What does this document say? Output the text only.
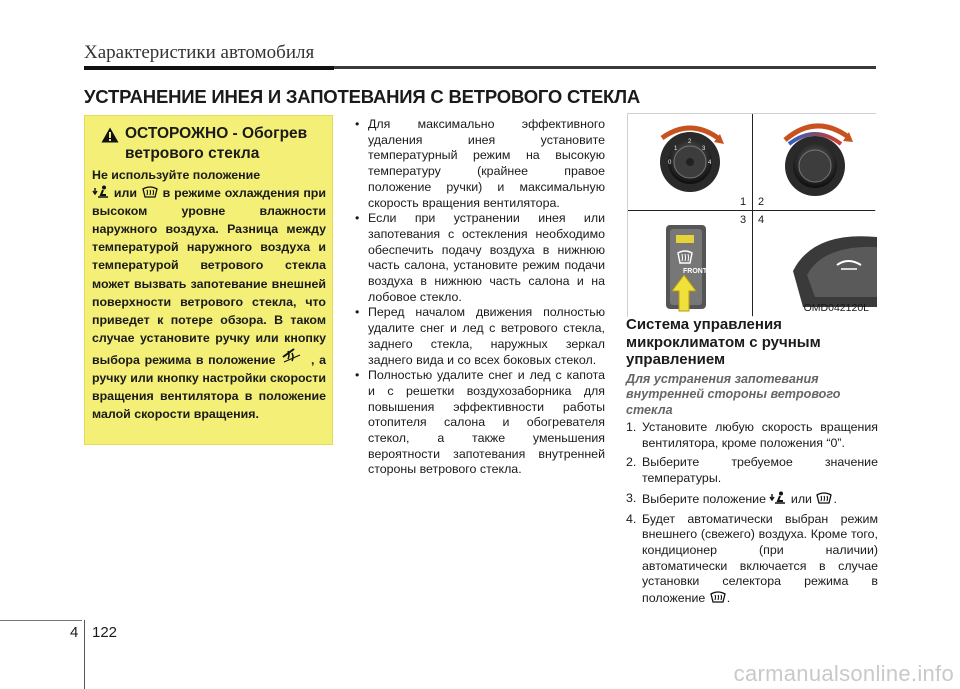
Характеристики автомобиля
УСТРАНЕНИЕ ИНЕЯ И ЗАПОТЕВАНИЯ С ВЕТРОВОГО СТЕКЛА
ОСТОРОЖНО - Обогрев
ветрового стекла
Не используйте положение
или в режиме охлаждения при высоком уровне влажности наружного воздуха. Разница между температурой наружного воздуха и температурой ветрового стекла может вызвать запотевание внешней поверхности ветрового стекла, что приведет к потере обзора. В таком случае установите ручку или кнопку выбора режима в положение	, а ручку или кнопку настройки скорости вращения вентилятора в положение малой скорости вращения.
• Для максимально эффективного удаления инея установите температурный режим на высокую температуру (крайнее правое положение ручки) и максимальную скорость вращения вентилятора.
• Если при устранении инея или запотевания с остекления необходимо обеспечить подачу воздуха в нижнюю часть салона, установите режим подачи воздуха в нижнюю часть салона и на лобовое стекло.
• Перед началом движения полностью удалите снег и лед с ветрового стекла, заднего стекла, наружных зеркал заднего вида и со всех боковых стекол.
• Полностью удалите снег и лед с капота и с решетки воздухозаборника для повышения эффективности работы отопителя салона и обогревателя стекол, а также уменьшения вероятности запотевания внутренней стороны ветрового стекла.
0
1
2
3
4
FRONT
1 2
3 4
OMD042120L
Система управления микроклиматом с ручным управлением
Для устранения запотевания внутренней стороны ветрового стекла
1. Установите любую скорость вращения вентилятора, кроме положения “0”.
2. Выберите требуемое значение температуры.
3. Выберите положение или .
4. Будет автоматически выбран режим внешнего (свежего) воздуха. Кроме того, кондиционер (при наличии) автоматически включается в случае установки селектора режима в положение .
4 122
carmanualsonline.info
